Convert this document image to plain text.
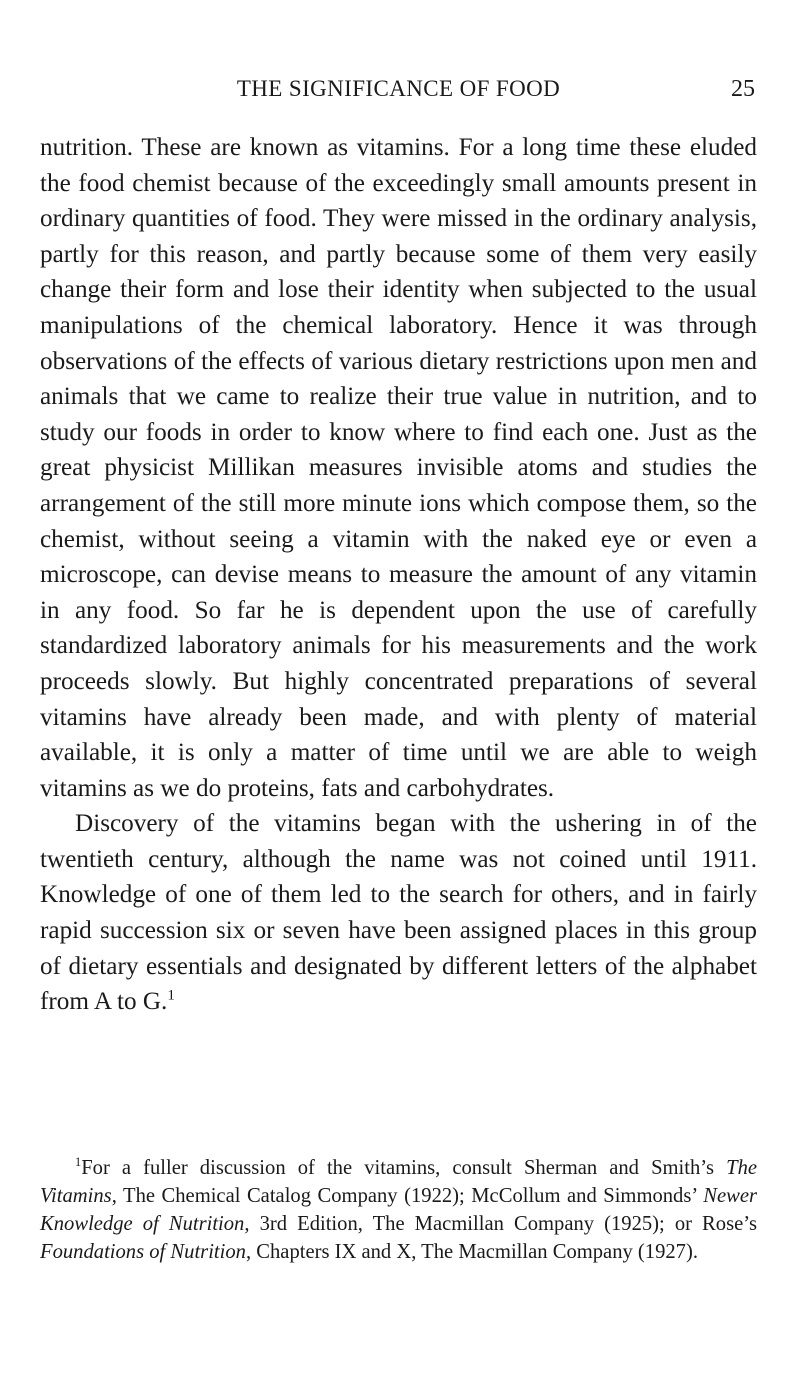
THE SIGNIFICANCE OF FOOD	25

nutrition. These are known as vitamins. For a long time these eluded the food chemist because of the exceedingly small amounts present in ordinary quantities of food. They were missed in the ordinary analysis, partly for this reason, and partly because some of them very easily change their form and lose their identity when subjected to the usual manipulations of the chemical laboratory. Hence it was through observations of the effects of various dietary restrictions upon men and animals that we came to realize their true value in nutrition, and to study our foods in order to know where to find each one. Just as the great physicist Millikan measures invisible atoms and studies the arrangement of the still more minute ions which compose them, so the chemist, without seeing a vitamin with the naked eye or even a microscope, can devise means to measure the amount of any vitamin in any food. So far he is dependent upon the use of carefully standardized laboratory animals for his measurements and the work proceeds slowly. But highly concentrated preparations of several vitamins have already been made, and with plenty of material available, it is only a matter of time until we are able to weigh vitamins as we do proteins, fats and carbohydrates.

Discovery of the vitamins began with the ushering in of the twentieth century, although the name was not coined until 1911. Knowledge of one of them led to the search for others, and in fairly rapid succession six or seven have been assigned places in this group of dietary essentials and designated by different letters of the alphabet from A to G.$^1$

$^1$For a fuller discussion of the vitamins, consult Sherman and Smith’s The Vitamins, The Chemical Catalog Company (1922); McCollum and Simmonds’ Newer Knowledge of Nutrition, 3rd Edition, The Macmillan Company (1925); or Rose’s Foundations of Nutrition, Chapters IX and X, The Macmillan Company (1927).
